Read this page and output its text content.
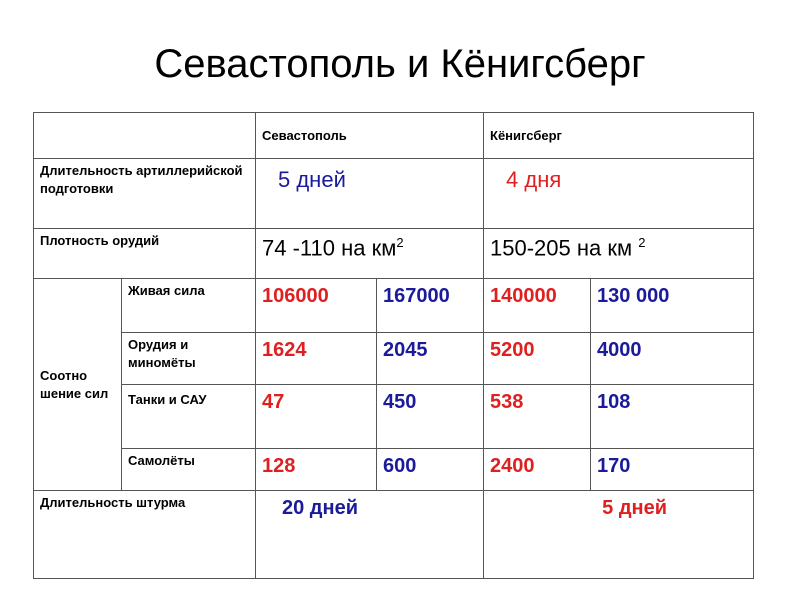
Севастополь и Кёнигсберг
		Севастополь		Кёнигсберг	
Длительность артиллерийской подготовки		5 дней		4 дня	
Плотность орудий		74 -110 на $км^2$		150-205 на км $^2$
Соотно шение сил	Живая сила	106000	167000	140000	130 000
	Орудия и миномёты	1624	2045	5200	4000
	Танки и САУ	47	450	538	108
	Самолёты	128	600	2400	170
Длительность штурма		20 дней		5 дней	
